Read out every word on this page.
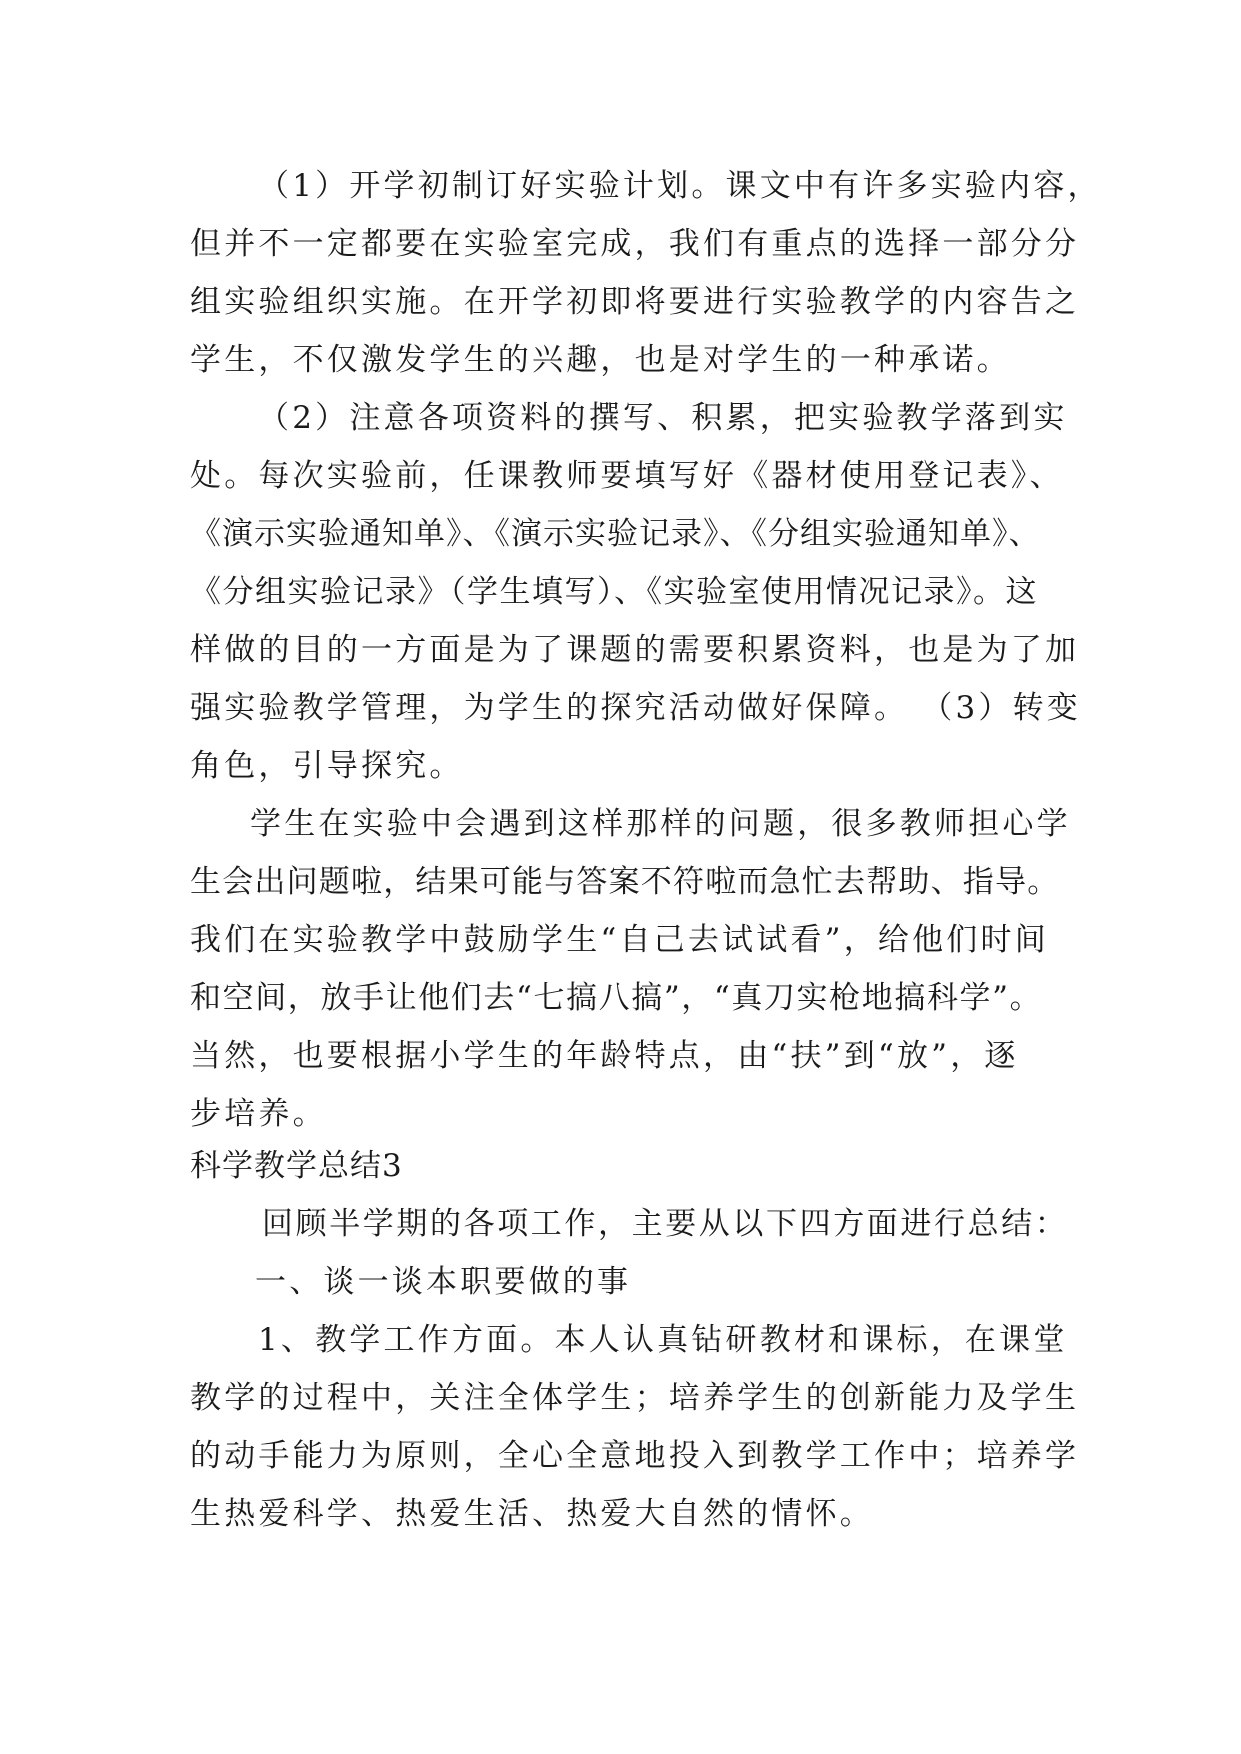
（1）开学初制订好实验计划。课文中有许多实验内容，
但并不一定都要在实验室完成，我们有重点的选择一部分分
组实验组织实施。在开学初即将要进行实验教学的内容告之
学生，不仅激发学生的兴趣，也是对学生的一种承诺。
（2）注意各项资料的撰写、积累，把实验教学落到实
处。每次实验前，任课教师要填写好《器材使用登记表》、
《演示实验通知单》、《演示实验记录》、《分组实验通知单》、
《分组实验记录》（学生填写）、《实验室使用情况记录》。这
样做的目的一方面是为了课题的需要积累资料，也是为了加
强实验教学管理，为学生的探究活动做好保障。 （3）转变
角色，引导探究。
学生在实验中会遇到这样那样的问题，很多教师担心学
生会出问题啦，结果可能与答案不符啦而急忙去帮助、指导。
我们在实验教学中鼓励学生“自己去试试看”，给他们时间
和空间，放手让他们去“七搞八搞”，“真刀实枪地搞科学”。
当然，也要根据小学生的年龄特点，由“扶”到“放”，逐
步培养。
科学教学总结3
回顾半学期的各项工作，主要从以下四方面进行总结：
一、谈一谈本职要做的事
1、教学工作方面。本人认真钻研教材和课标，在课堂
教学的过程中，关注全体学生；培养学生的创新能力及学生
的动手能力为原则，全心全意地投入到教学工作中；培养学
生热爱科学、热爱生活、热爱大自然的情怀。
